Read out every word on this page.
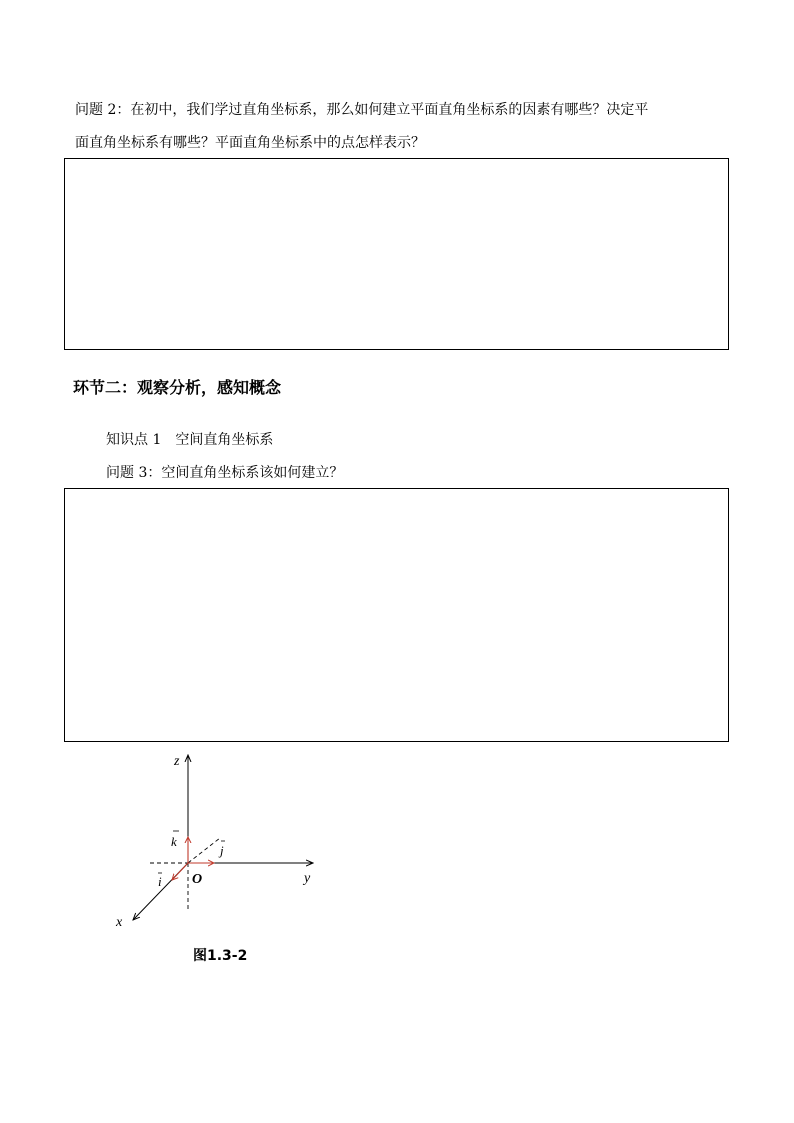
问题 2：在初中，我们学过直角坐标系，那么如何建立平面直角坐标系的因素有哪些？决定平
面直角坐标系有哪些？平面直角坐标系中的点怎样表示？
环节二：观察分析，感知概念
知识点 1　空间直角坐标系
问题 3：空间直角坐标系该如何建立？
z
y
x
O
k
j
i
图1.3-2
